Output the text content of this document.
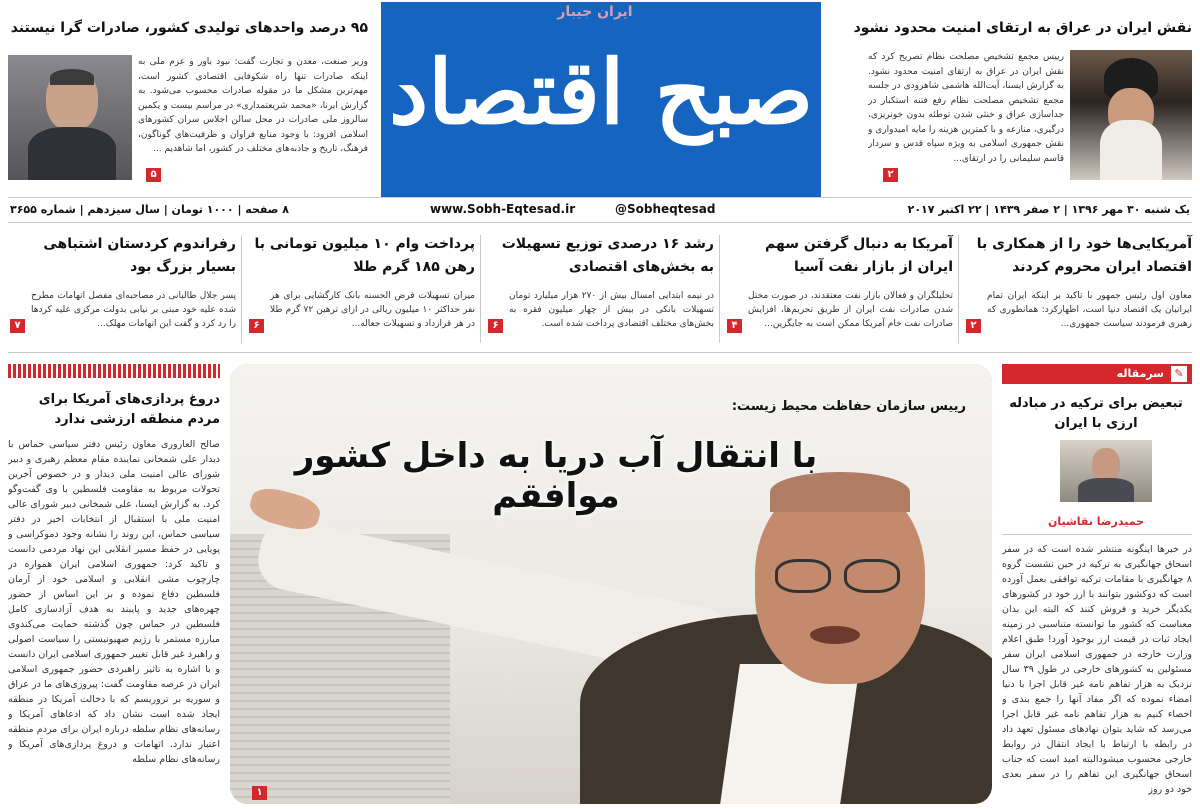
صبح اقتصاد
ایران جیبار
نقش ایران در عراق به ارتقای امنیت محدود نشود
رییس مجمع تشخیص مصلحت نظام تصریح کرد که نقش ایران در عراق به ارتقای امنیت محدود نشود. به گزارش ایسنا، آیت‌الله هاشمی شاهرودی در جلسه مجمع تشخیص مصلحت نظام رفع فتنه استکبار در جداسازی عراق و خنثی شدن توطئه بدون خونریزی، درگیری، منازعه و با کمترین هزینه را مایه امیدواری و نقش جمهوری اسلامی به ویژه سپاه قدس و سردار قاسم سلیمانی را در ارتقای...
۲
۹۵ درصد واحدهای تولیدی کشور، صادرات گرا نیستند
وزیر صنعت، معدن و تجارت گفت: نبود باور و عزم ملی به اینکه صادرات تنها راه شکوفایی اقتصادی کشور است، مهم‌ترین مشکل ما در مقوله صادرات محسوب می‌شود. به گزارش ایرنا، «محمد شریعتمداری» در مراسم بیست و یکمین سالروز ملی صادرات در محل سالن اجلاس سران کشورهای اسلامی افزود: با وجود منابع فراوان و ظرفیت‌های گوناگون، فرهنگ، تاریخ و جاذبه‌های مختلف در کشور، اما شاهدیم ...
۵
یک شنبه ۳۰ مهر ۱۳۹۶ | ۲ صفر ۱۴۳۹ | ۲۲ اکتبر ۲۰۱۷
www.Sobh-Eqtesad.ir	@Sobheqtesad
۸ صفحه | ۱۰۰۰ تومان | سال سیزدهم | شماره ۳۶۵۵
آمریکایی‌ها خود را از همکاری با اقتصاد ایران محروم کردند
معاون اول رئیس جمهور با تاکید بر اینکه ایران تمام ایرانیان یک اقتصاد دنیا است، اظهارکرد: همانطوری که رهبری فرمودند سیاست جمهوری...
۲
آمریکا به دنبال گرفتن سهم ایران از بازار نفت آسیا
تحلیلگران و فعالان بازار نفت معتقدند، در صورت مختل شدن صادرات نفت ایران از طریق تحریم‌ها، افزایش صادرات نفت خام آمریکا ممکن است به جایگزین...
۴
رشد ۱۶ درصدی توزیع تسهیلات به بخش‌های اقتصادی
در نیمه ابتدایی امسال بیش از ۲۷۰ هزار میلیارد تومان تسهیلات بانکی در بیش از چهار میلیون فقره به بخش‌های مختلف اقتصادی پرداخت شده است.
۶
پرداخت وام ۱۰ میلیون تومانی با رهن ۱۸۵ گرم طلا
میزان تسهیلات قرض الحسنه بانک کارگشایی برای هر نفر حداکثر ۱۰ میلیون ریالی در ازای ترهین ۷۲ گرم طلا در هر قرارداد و تسهیلات جعاله...
۶
رفراندوم کردستان اشتباهی بسیار بزرگ بود
پسر جلال طالبانی در مصاحبه‌ای مفصل اتهامات مطرح شده علیه خود مبنی بر نیابی بدولت مرکزی علیه کردها را رد کرد و گفت این اتهامات مهلک...
۷
سرمقاله ✎
تبعیض برای ترکیه در مبادله ارزی با ایران
حمیدرضا نقاشیان
در خبرها اینگونه منتشر شده است که در سفر اسحاق جهانگیری به ترکیه در حین نشست گروه ۸ جهانگیری با مقامات ترکیه توافقی بعمل آورده است که دوکشور بتوانند با ارز خود در کشورهای یکدیگر خرید و فروش کنند که البته این بدان معناست که کشور ما توانسته متناسبی در زمینه ایجاد ثبات در قیمت ارز بوجود آورد! طبق اعلام وزارت خارجه در جمهوری اسلامی ایران سفر مسئولین به کشورهای خارجی در طول ۳۹ سال نزدیک به هزار تفاهم نامه غیر قابل اجرا با دنیا امضاء نموده که اگر مفاد آنها را جمع بندی و احصاء کنیم به هزار تفاهم نامه غیر قابل اجرا می‌رسد که شاید بتوان نهادهای مسئول تعهد داد در رابطه با ارتباط با ایجاد انتقال در روابط خارجی محسوب میشودالبته امید است که جناب اسحاق جهانگیری این تفاهم را در سفر بعدی خود دو روز
دروغ پردازی‌های آمریکا برای مردم منطقه ارزشی ندارد
صالح العاروری معاون رئیس دفتر سیاسی حماس با دیدار علی شمخانی نماینده مقام معظم رهبری و دبیر شورای عالی امنیت ملی دیدار و در خصوص آخرین تحولات مربوط به مقاومت فلسطین با وی گفت‌وگو کرد. به گزارش ایسنا، علی شمخانی دبیر شورای عالی امنیت ملی با استقبال از انتخابات اخیر در دفتر سیاسی حماس، این روند را نشانه وجود دموکراسی و پویایی در حفظ مسیر انقلابی این نهاد مردمی دانست و تاکید کرد: جمهوری اسلامی ایران همواره در چارچوب مشی انقلابی و اسلامی خود از آرمان فلسطین دفاع نموده و بر این اساس از حضور چهره‌های جدید و پایبند به هدف آزادسازی کامل فلسطین در حماس چون گذشته حمایت می‌کندوی مبارزه مستمر با رژیم صهیونیستی را سیاست اصولی و راهبرد غیر قابل تغییر جمهوری اسلامی ایران دانست و با اشاره به تاثیر راهبردی حضور جمهوری اسلامی ایران در عرصه مقاومت گفت: پیروزی‌های ما در عراق و سوریه بر تروریسم که با دخالت آمریکا در منطقه ایجاد شده است نشان داد که ادعاهای آمریکا و رسانه‌های نظام سلطه درباره ایران برای مردم منطقه اعتبار ندارد. اتهامات و دروغ پردازی‌های آمریکا و رسانه‌های نظام سلطه
رییس سازمان حفاظت محیط زیست:
با انتقال آب دریا به داخل کشور موافقم
۱
